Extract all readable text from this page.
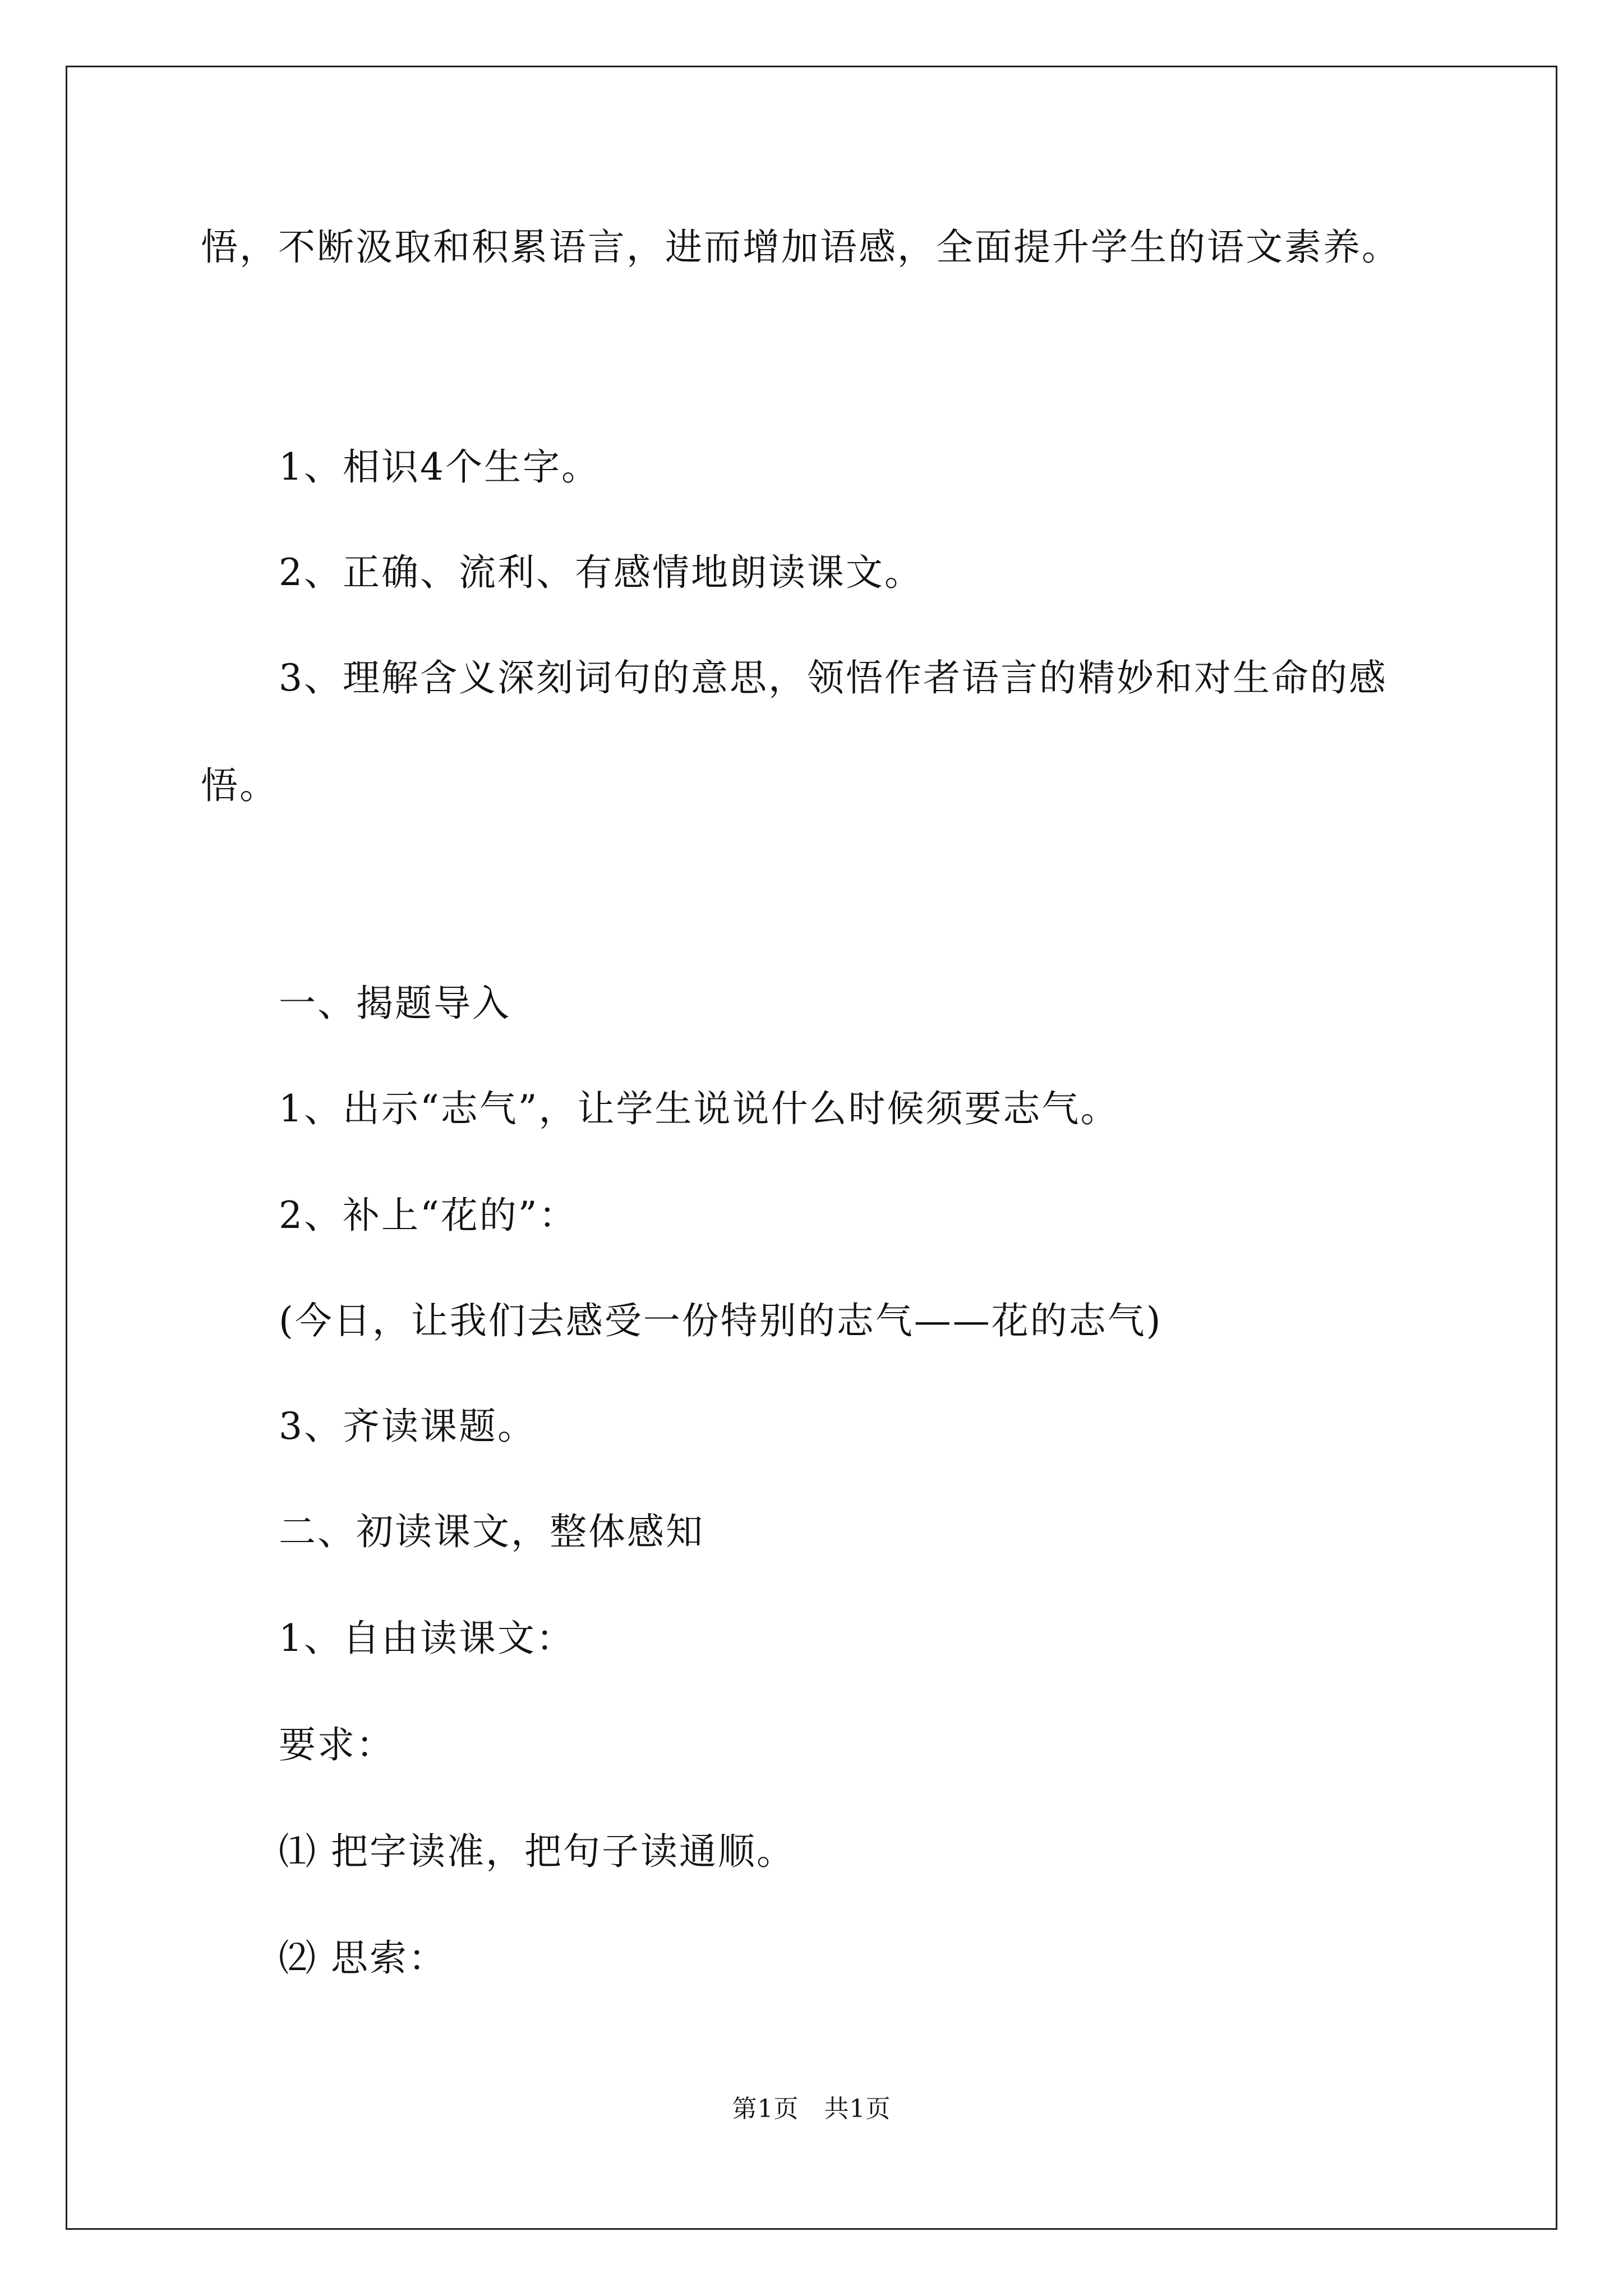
悟，不断汲取和积累语言，进而增加语感，全面提升学生的语文素养。
1、相识4个生字。
2、正确、流利、有感情地朗读课文。
3、理解含义深刻词句的意思，领悟作者语言的精妙和对生命的感
悟。
一、揭题导入
1、出示“志气”，让学生说说什么时候须要志气。
2、补上“花的”：
(今日，让我们去感受一份特别的志气——花的志气)
3、齐读课题。
二、初读课文，整体感知
1、自由读课文：
要求：
⑴ 把字读准，把句子读通顺。
⑵ 思索：
第1页　共1页
